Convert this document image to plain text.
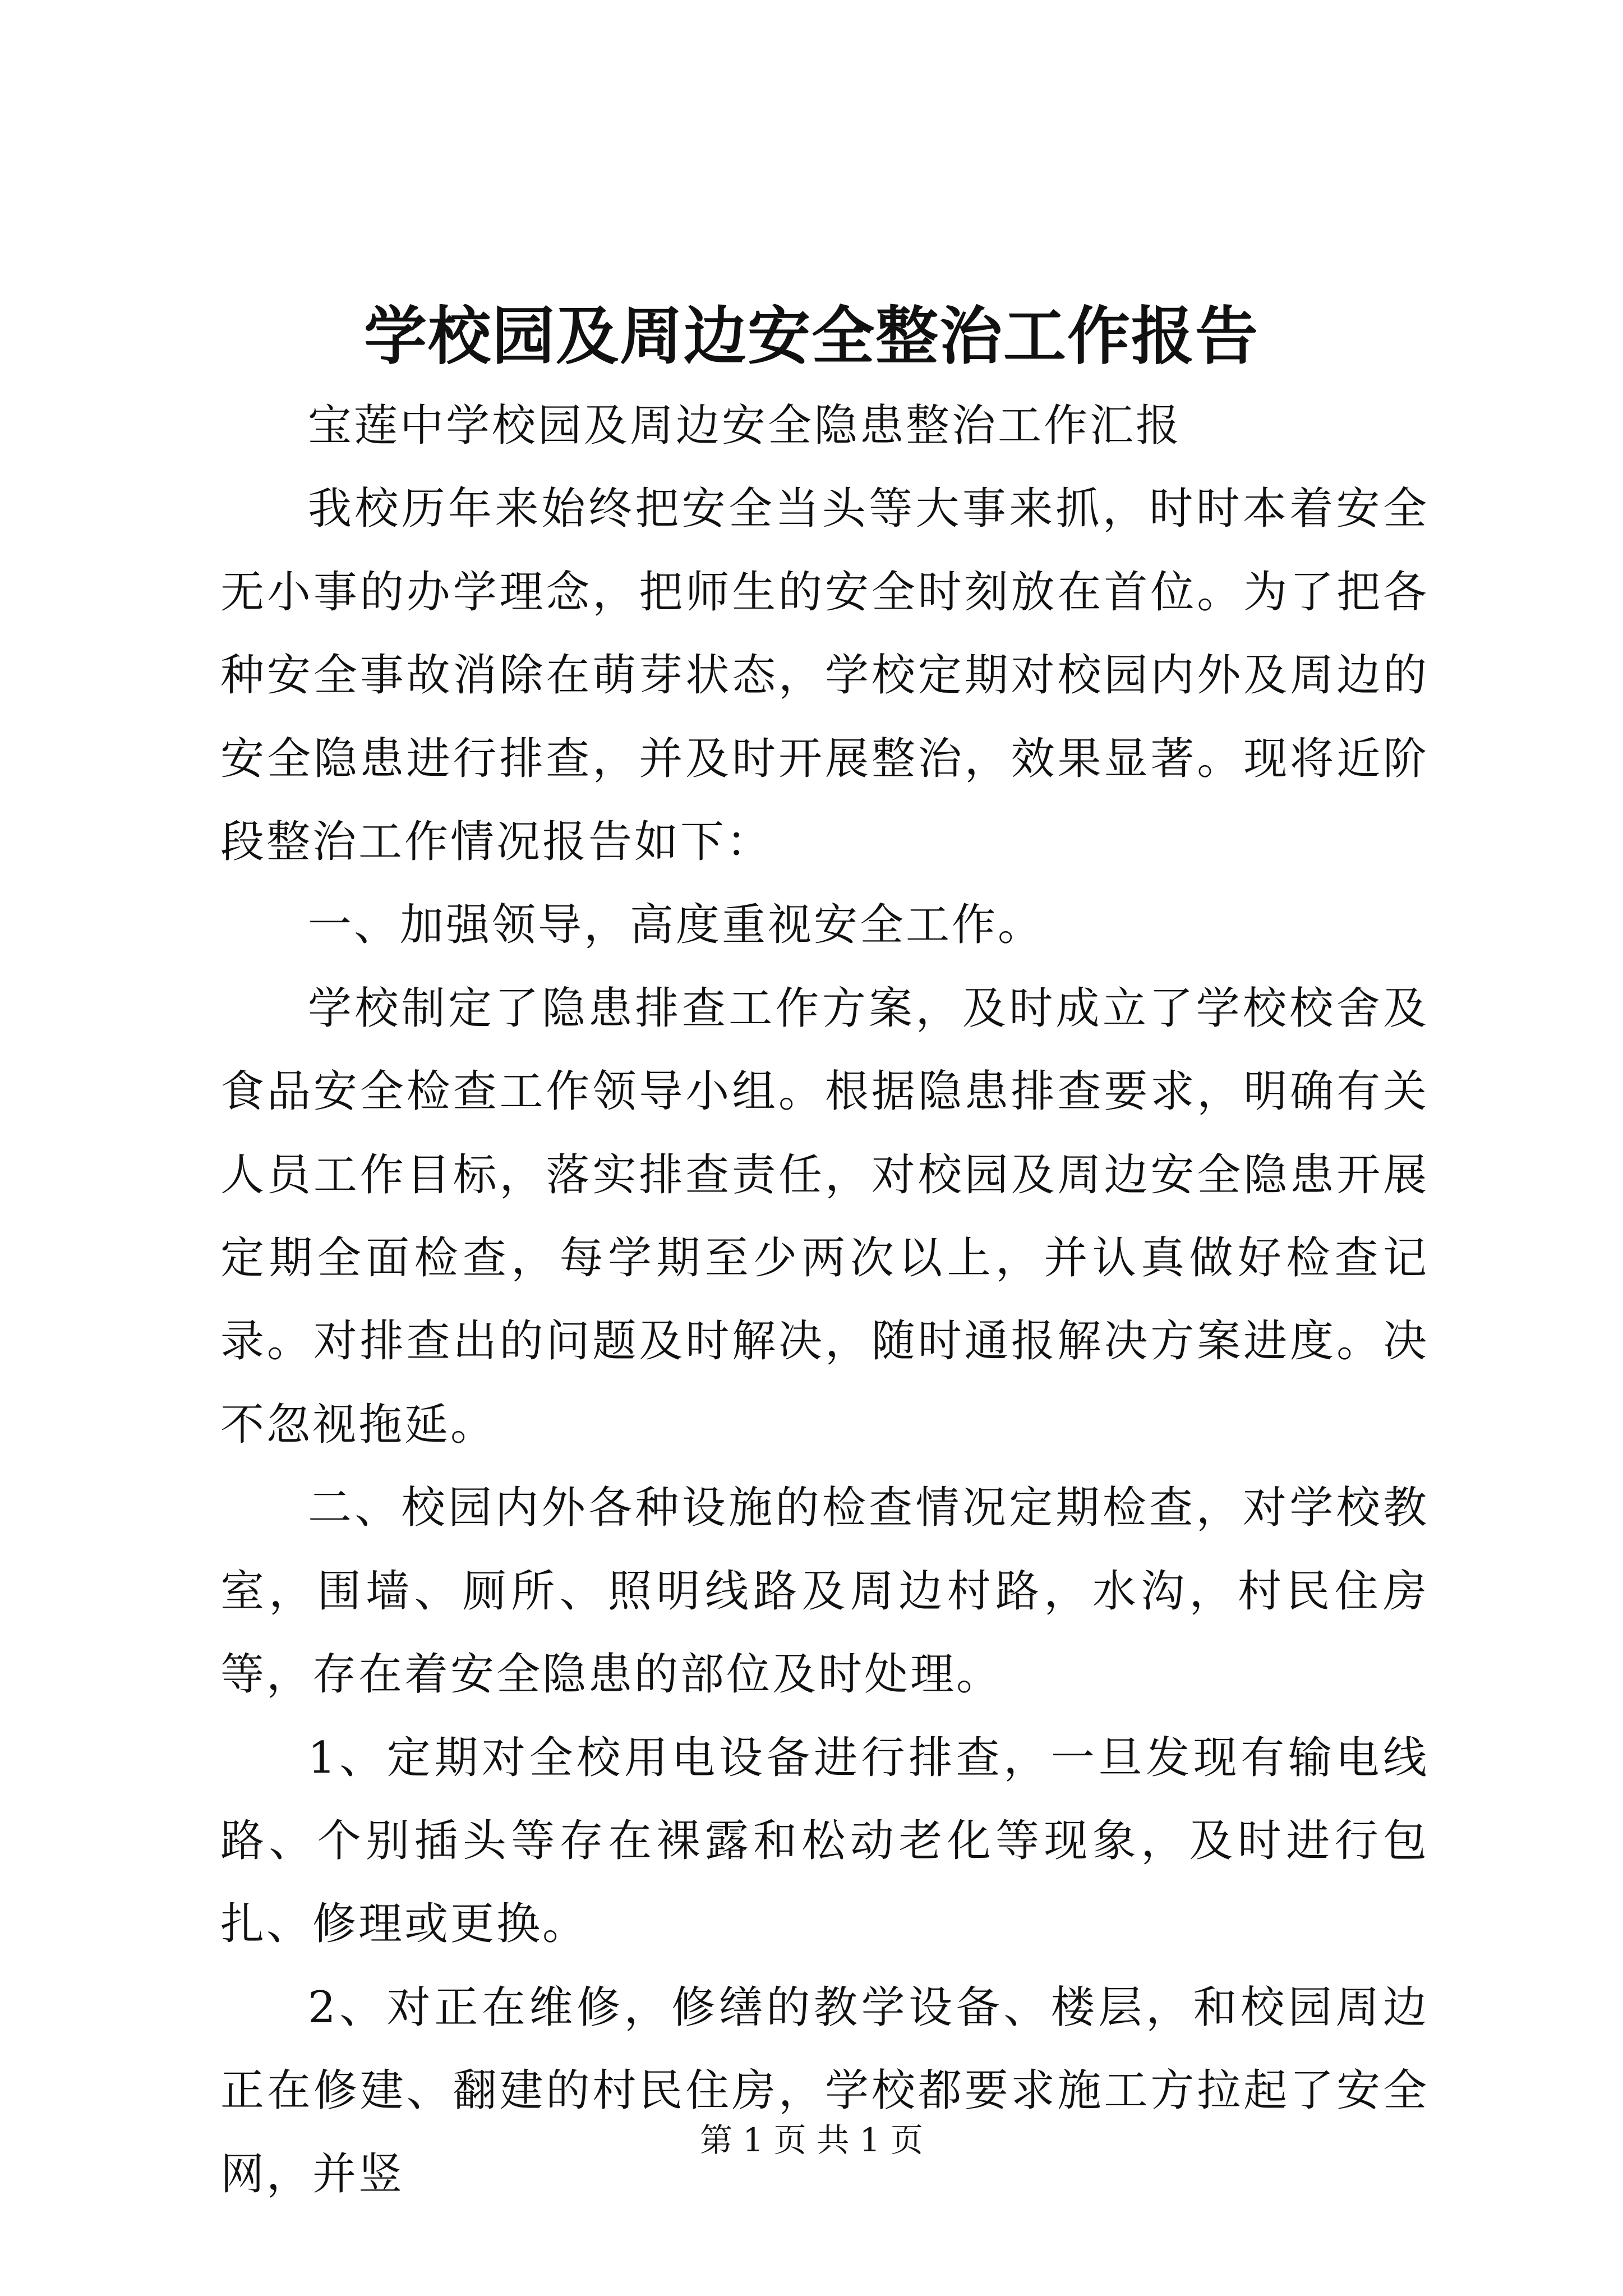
学校园及周边安全整治工作报告

宝莲中学校园及周边安全隐患整治工作汇报

我校历年来始终把安全当头等大事来抓，时时本着安全无小事的办学理念，把师生的安全时刻放在首位。为了把各种安全事故消除在萌芽状态，学校定期对校园内外及周边的安全隐患进行排查，并及时开展整治，效果显著。现将近阶段整治工作情况报告如下：

一、加强领导，高度重视安全工作。

学校制定了隐患排查工作方案，及时成立了学校校舍及食品安全检查工作领导小组。根据隐患排查要求，明确有关人员工作目标，落实排查责任，对校园及周边安全隐患开展定期全面检查，每学期至少两次以上，并认真做好检查记录。对排查出的问题及时解决，随时通报解决方案进度。决不忽视拖延。

二、校园内外各种设施的检查情况定期检查，对学校教室，围墙、厕所、照明线路及周边村路，水沟，村民住房等，存在着安全隐患的部位及时处理。

1、定期对全校用电设备进行排查，一旦发现有输电线路、个别插头等存在裸露和松动老化等现象，及时进行包扎、修理或更换。

2、对正在维修，修缮的教学设备、楼层，和校园周边正在修建、翻建的村民住房，学校都要求施工方拉起了安全网，并竖

第 1 页 共 1 页
